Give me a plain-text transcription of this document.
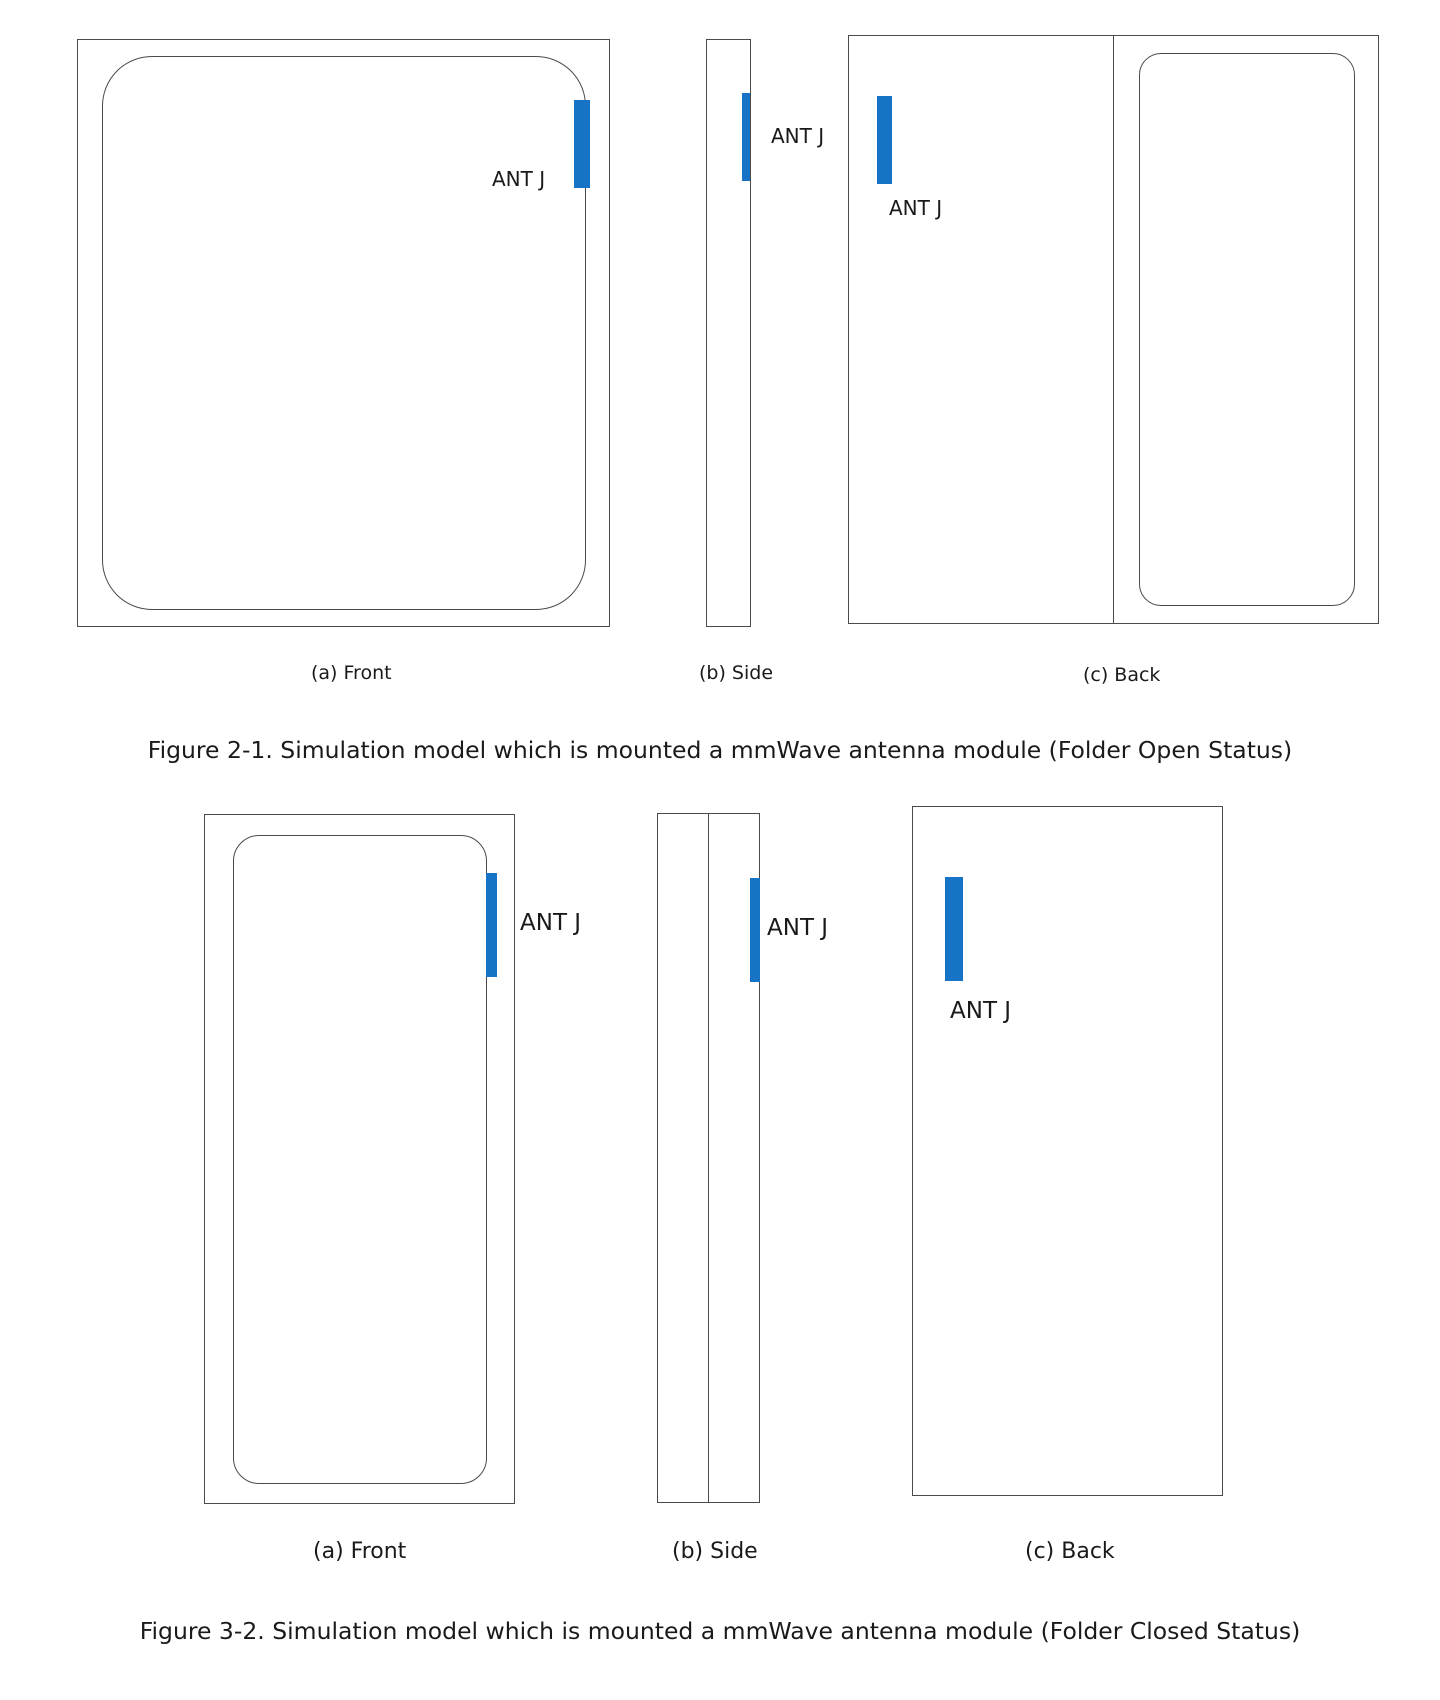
ANT J
(a) Front
ANT J
(b) Side
ANT J
(c) Back
Figure 2-1. Simulation model which is mounted a mmWave antenna module (Folder Open Status)
ANT J
(a) Front
ANT J
(b) Side
ANT J
(c) Back
Figure 3-2. Simulation model which is mounted a mmWave antenna module (Folder Closed Status)
